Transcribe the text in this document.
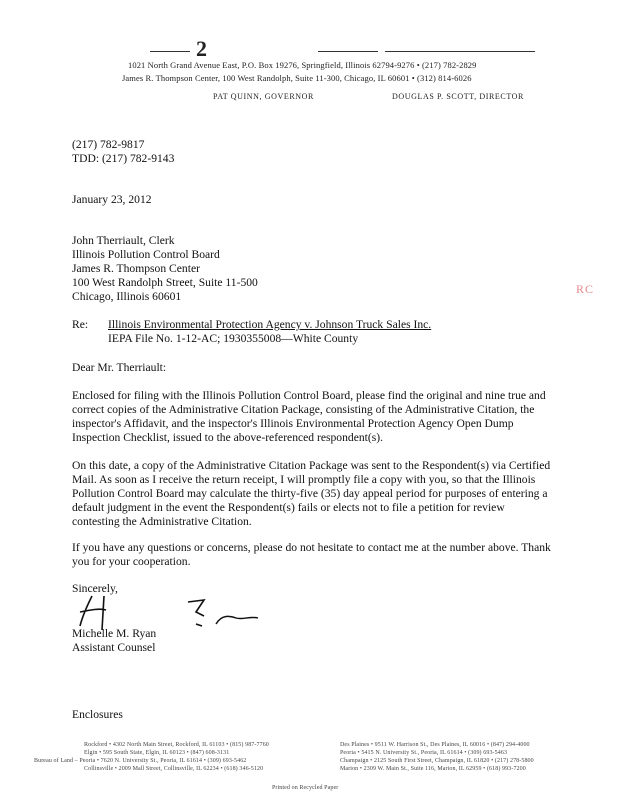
2
1021 North Grand Avenue East, P.O. Box 19276, Springfield, Illinois 62794-9276 • (217) 782-2829
James R. Thompson Center, 100 West Randolph, Suite 11-300, Chicago, IL 60601 • (312) 814-6026
PAT QUINN, GOVERNOR	DOUGLAS P. SCOTT, DIRECTOR
(217) 782-9817
TDD: (217) 782-9143
January 23, 2012
John Therriault, Clerk
Illinois Pollution Control Board
James R. Thompson Center
100 West Randolph Street, Suite 11-500
Chicago, Illinois 60601
RC
Re: Illinois Environmental Protection Agency v. Johnson Truck Sales Inc.
IEPA File No. 1-12-AC; 1930355008—White County
Dear Mr. Therriault:
Enclosed for filing with the Illinois Pollution Control Board, please find the original and nine true and correct copies of the Administrative Citation Package, consisting of the Administrative Citation, the inspector's Affidavit, and the inspector's Illinois Environmental Protection Agency Open Dump Inspection Checklist, issued to the above-referenced respondent(s).
On this date, a copy of the Administrative Citation Package was sent to the Respondent(s) via Certified Mail. As soon as I receive the return receipt, I will promptly file a copy with you, so that the Illinois Pollution Control Board may calculate the thirty-five (35) day appeal period for purposes of entering a default judgment in the event the Respondent(s) fails or elects not to file a petition for review contesting the Administrative Citation.
If you have any questions or concerns, please do not hesitate to contact me at the number above. Thank you for your cooperation.
Sincerely,
Michelle M. Ryan
Assistant Counsel
Enclosures
Rockford • 4302 North Main Street, Rockford, IL 61103 • (815) 987-7760
Elgin • 595 South State, Elgin, IL 60123 • (847) 608-3131
Bureau of Land – Peoria • 7620 N. University St., Peoria, IL 61614 • (309) 693-5462
Collinsville • 2009 Mall Street, Collinsville, IL 62234 • (618) 346-5120
Des Plaines • 9511 W. Harrison St., Des Plaines, IL 60016 • (847) 294-4000
Peoria • 5415 N. University St., Peoria, IL 61614 • (309) 693-5463
Champaign • 2125 South First Street, Champaign, IL 61820 • (217) 278-5800
Marion • 2309 W. Main St., Suite 116, Marion, IL 62959 • (618) 993-7200
Printed on Recycled Paper
